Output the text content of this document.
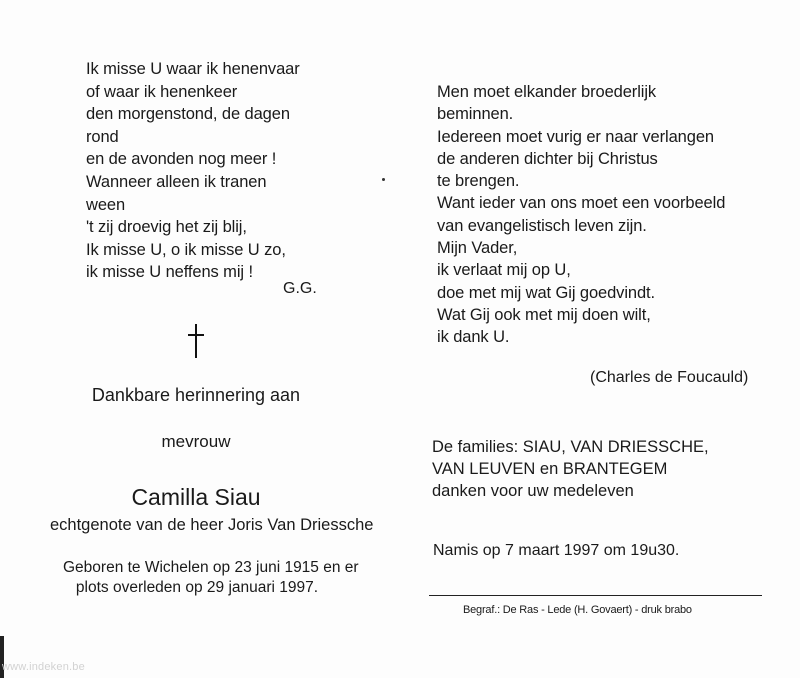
Ik misse U waar ik henenvaar
of waar ik henenkeer
den morgenstond, de dagen
rond
en de avonden nog meer !
Wanneer alleen ik tranen
ween
't zij droevig het zij blij,
Ik misse U, o ik misse U zo,
ik misse U neffens mij !
G.G.
Dankbare herinnering aan
mevrouw
Camilla Siau
echtgenote van de heer Joris Van Driessche
Geboren te Wichelen op 23 juni 1915 en er
plots overleden op 29 januari 1997.
Men moet elkander broederlijk
beminnen.
Iedereen moet vurig er naar verlangen
de anderen dichter bij Christus
te brengen.
Want ieder van ons moet een voorbeeld
van evangelistisch leven zijn.
Mijn Vader,
ik verlaat mij op U,
doe met mij wat Gij goedvindt.
Wat Gij ook met mij doen wilt,
ik dank U.
(Charles de Foucauld)
De families: SIAU, VAN DRIESSCHE,
VAN LEUVEN en BRANTEGEM
danken voor uw medeleven
Namis op 7 maart 1997 om 19u30.
Begraf.: De Ras - Lede (H. Govaert) - druk brabo
www.indeken.be
